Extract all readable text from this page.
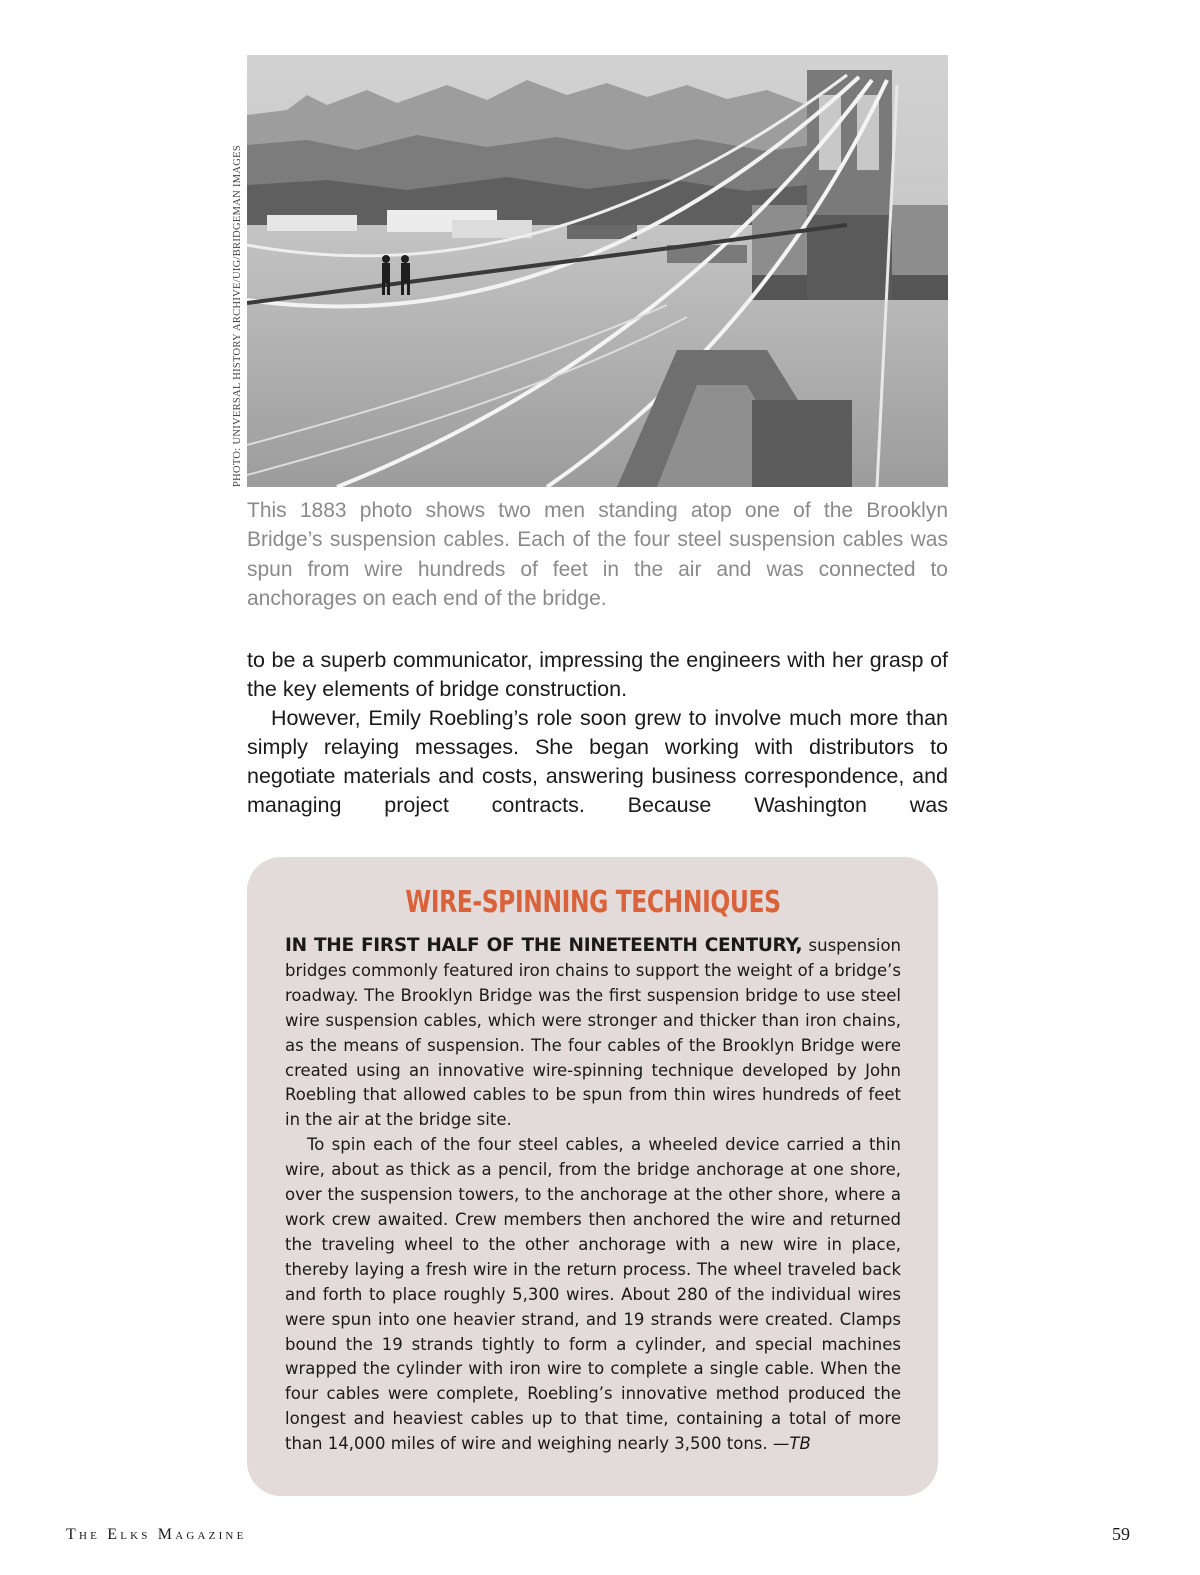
PHOTO: UNIVERSAL HISTORY ARCHIVE/UIG/BRIDGEMAN IMAGES

This 1883 photo shows two men standing atop one of the Brooklyn Bridge’s suspension cables. Each of the four steel suspension cables was spun from wire hundreds of feet in the air and was connected to anchorages on each end of the bridge.

to be a superb communicator, impressing the engineers with her grasp of the key elements of bridge construction.

However, Emily Roebling’s role soon grew to involve much more than simply relaying messages. She began working with distributors to negotiate materials and costs, answering business correspondence, and managing project contracts. Because Washington was

WIRE-SPINNING TECHNIQUES

IN THE FIRST HALF OF THE NINETEENTH CENTURY, suspension bridges commonly featured iron chains to support the weight of a bridge’s roadway. The Brooklyn Bridge was the first suspension bridge to use steel wire suspension cables, which were stronger and thicker than iron chains, as the means of suspension. The four cables of the Brooklyn Bridge were created using an innovative wire-spinning technique developed by John Roebling that allowed cables to be spun from thin wires hundreds of feet in the air at the bridge site.

To spin each of the four steel cables, a wheeled device carried a thin wire, about as thick as a pencil, from the bridge anchorage at one shore, over the suspension towers, to the anchorage at the other shore, where a work crew awaited. Crew members then anchored the wire and returned the traveling wheel to the other anchorage with a new wire in place, thereby laying a fresh wire in the return process. The wheel traveled back and forth to place roughly 5,300 wires. About 280 of the individual wires were spun into one heavier strand, and 19 strands were created. Clamps bound the 19 strands tightly to form a cylinder, and special machines wrapped the cylinder with iron wire to complete a single cable. When the four cables were complete, Roebling’s innovative method produced the longest and heaviest cables up to that time, containing a total of more than 14,000 miles of wire and weighing nearly 3,500 tons. —TB

The Elks Magazine	59
